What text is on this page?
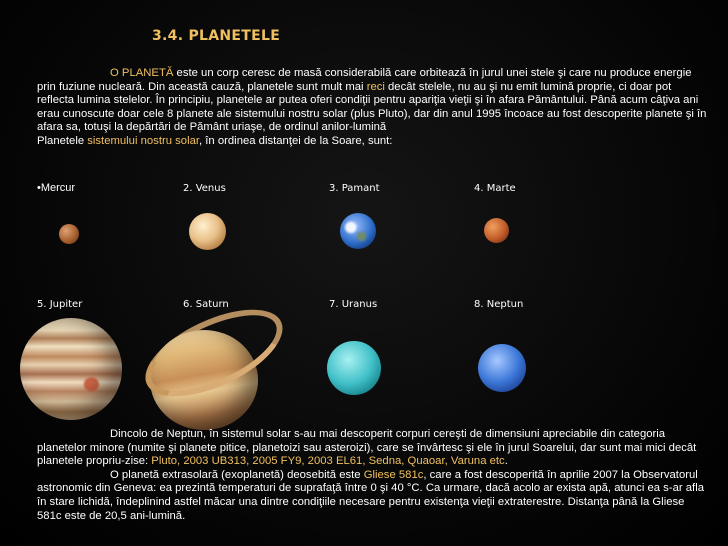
3.4. PLANETELE

O PLANETĂ este un corp ceresc de masă considerabilă care orbitează în jurul unei stele şi care nu produce energie prin fuziune nucleară. Din această cauză, planetele sunt mult mai reci decât stelele, nu au şi nu emit lumină proprie, ci doar pot reflecta lumina stelelor. În principiu, planetele ar putea oferi condiţii pentru apariţia vieţii şi în afara Pământului. Până acum câţiva ani erau cunoscute doar cele 8 planete ale sistemului nostru solar (plus Pluto), dar din anul 1995 încoace au fost descoperite planete şi în afara sa, totuşi la depărtări de Pământ uriaşe, de ordinul anilor-lumină
Planetele sistemului nostru solar, în ordinea distanţei de la Soare, sunt:

•Mercur	2. Venus	3. Pamant	4. Marte
5. Jupiter	6. Saturn	7. Uranus	8. Neptun

Dincolo de Neptun, în sistemul solar s-au mai descoperit corpuri cereşti de dimensiuni apreciabile din categoria planetelor minore (numite şi planete pitice, planetoizi sau asteroizi), care se învârtesc şi ele în jurul Soarelui, dar sunt mai mici decât planetele propriu-zise: Pluto, 2003 UB313, 2005 FY9, 2003 EL61, Sedna, Quaoar, Varuna etc.
O planetă extrasolară (exoplanetă) deosebită este Gliese 581c, care a fost descoperită în aprilie 2007 la Observatorul astronomic din Geneva: ea prezintă temperaturi de suprafaţă între 0 şi 40 °C. Ca urmare, dacă acolo ar exista apă, atunci ea s-ar afla în stare lichidă, îndeplinind astfel măcar una dintre condiţiile necesare pentru existenţa vieţii extraterestre. Distanţa până la Gliese 581c este de 20,5 ani-lumină.
